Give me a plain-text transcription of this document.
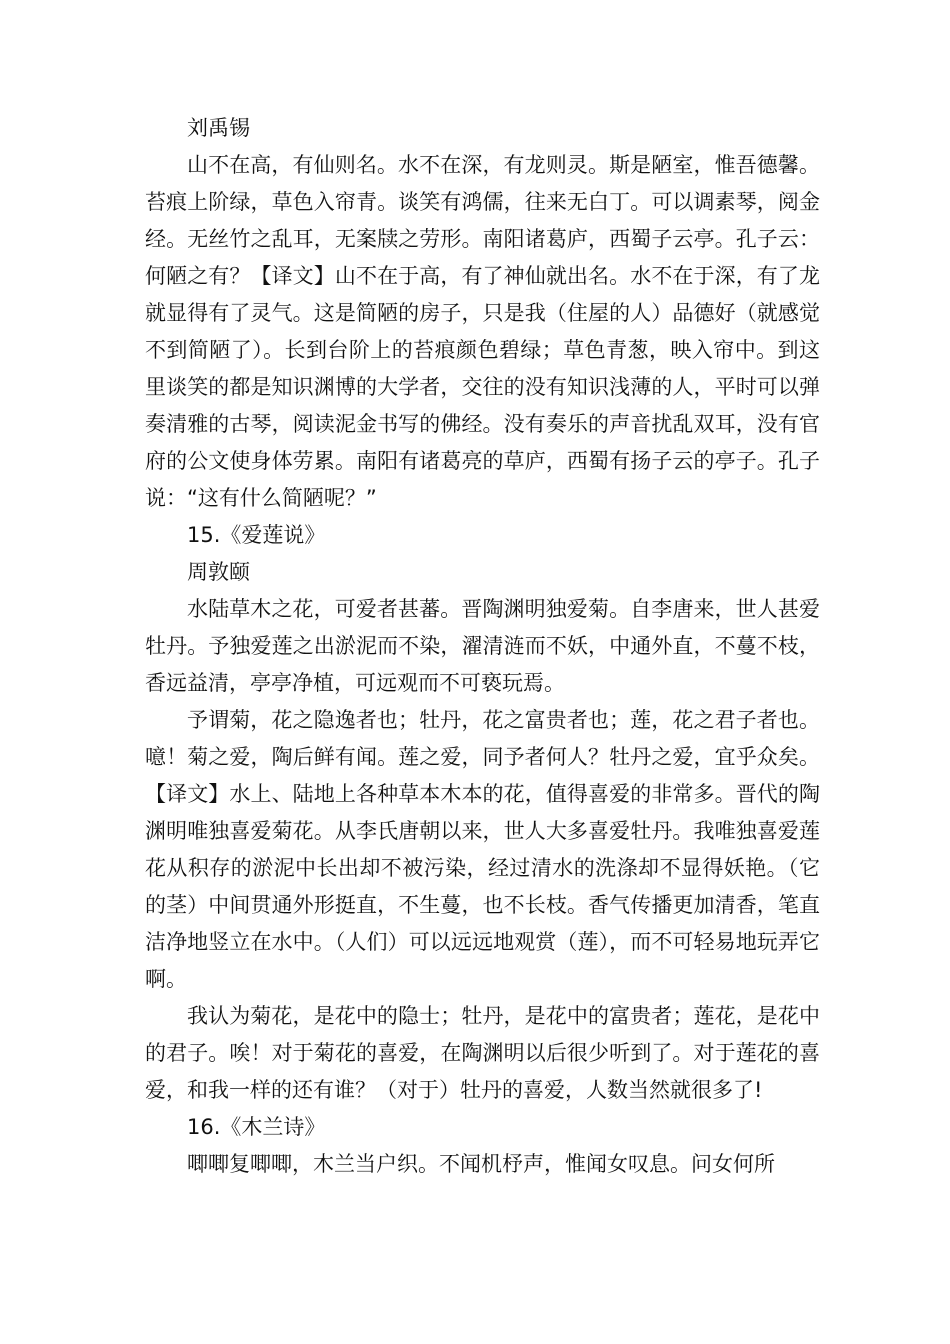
刘禹锡

山不在高，有仙则名。水不在深，有龙则灵。斯是陋室，惟吾德馨。苔痕上阶绿，草色入帘青。谈笑有鸿儒，往来无白丁。可以调素琴，阅金经。无丝竹之乱耳，无案牍之劳形。南阳诸葛庐，西蜀子云亭。孔子云：何陋之有？【译文】山不在于高，有了神仙就出名。水不在于深，有了龙就显得有了灵气。这是简陋的房子，只是我（住屋的人）品德好（就感觉不到简陋了）。长到台阶上的苔痕颜色碧绿；草色青葱，映入帘中。到这里谈笑的都是知识渊博的大学者，交往的没有知识浅薄的人，平时可以弹奏清雅的古琴，阅读泥金书写的佛经。没有奏乐的声音扰乱双耳，没有官府的公文使身体劳累。南阳有诸葛亮的草庐，西蜀有扬子云的亭子。孔子说：“这有什么简陋呢？”

15.《爱莲说》

周敦颐

水陆草木之花，可爱者甚蕃。晋陶渊明独爱菊。自李唐来，世人甚爱牡丹。予独爱莲之出淤泥而不染，濯清涟而不妖，中通外直，不蔓不枝，香远益清，亭亭净植，可远观而不可亵玩焉。

予谓菊，花之隐逸者也；牡丹，花之富贵者也；莲，花之君子者也。噫！菊之爱，陶后鲜有闻。莲之爱，同予者何人？牡丹之爱，宜乎众矣。【译文】水上、陆地上各种草本木本的花，值得喜爱的非常多。晋代的陶渊明唯独喜爱菊花。从李氏唐朝以来，世人大多喜爱牡丹。我唯独喜爱莲花从积存的淤泥中长出却不被污染，经过清水的洗涤却不显得妖艳。（它的茎）中间贯通外形挺直，不生蔓，也不长枝。香气传播更加清香，笔直洁净地竖立在水中。（人们）可以远远地观赏（莲），而不可轻易地玩弄它啊。

我认为菊花，是花中的隐士；牡丹，是花中的富贵者；莲花，是花中的君子。唉！对于菊花的喜爱，在陶渊明以后很少听到了。对于莲花的喜爱，和我一样的还有谁？（对于）牡丹的喜爱，人数当然就很多了!

16.《木兰诗》

唧唧复唧唧，木兰当户织。不闻机杼声，惟闻女叹息。问女何所
